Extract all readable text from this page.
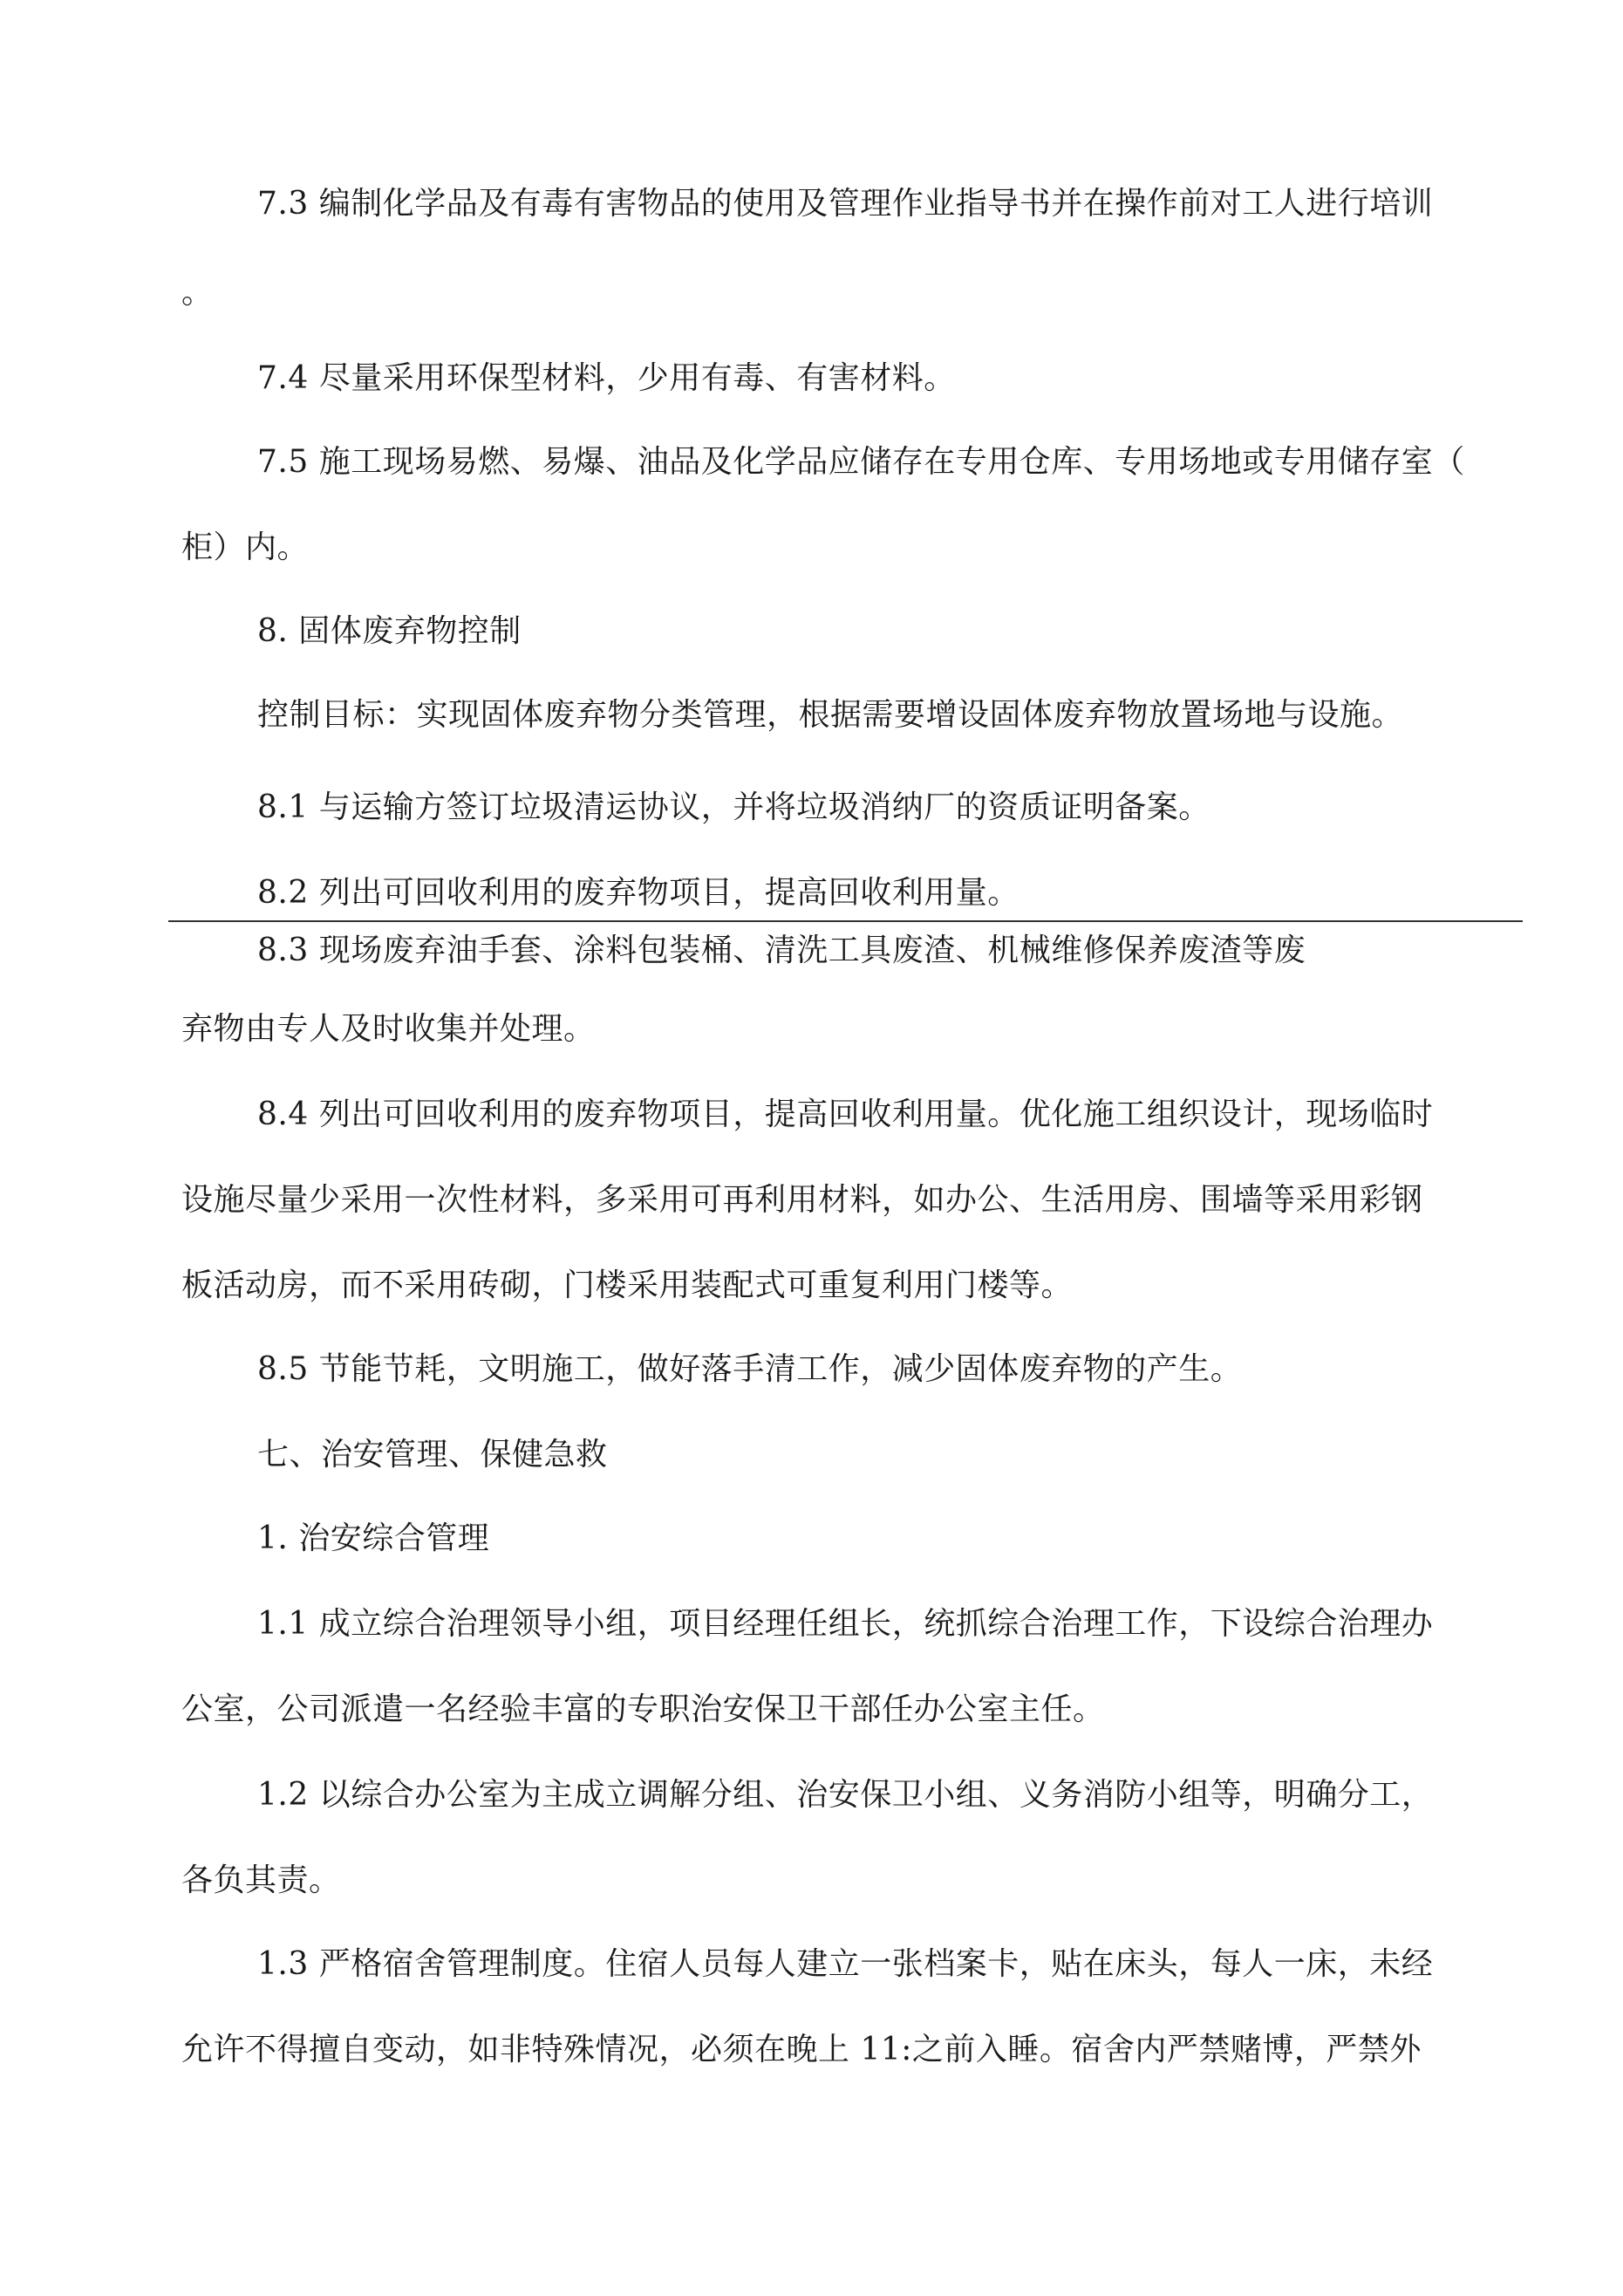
7.3 编制化学品及有毒有害物品的使用及管理作业指导书并在操作前对工人进行培训
。
7.4 尽量采用环保型材料，少用有毒、有害材料。
7.5 施工现场易燃、易爆、油品及化学品应储存在专用仓库、专用场地或专用储存室（
柜）内。
8. 固体废弃物控制
控制目标：实现固体废弃物分类管理，根据需要增设固体废弃物放置场地与设施。
8.1 与运输方签订垃圾清运协议，并将垃圾消纳厂的资质证明备案。
8.2 列出可回收利用的废弃物项目，提高回收利用量。
8.3 现场废弃油手套、涂料包装桶、清洗工具废渣、机械维修保养废渣等废
弃物由专人及时收集并处理。
8.4 列出可回收利用的废弃物项目，提高回收利用量。优化施工组织设计，现场临时
设施尽量少采用一次性材料，多采用可再利用材料，如办公、生活用房、围墙等采用彩钢
板活动房，而不采用砖砌，门楼采用装配式可重复利用门楼等。
8.5 节能节耗，文明施工，做好落手清工作，减少固体废弃物的产生。
七、治安管理、保健急救
1. 治安综合管理
1.1 成立综合治理领导小组，项目经理任组长，统抓综合治理工作，下设综合治理办
公室，公司派遣一名经验丰富的专职治安保卫干部任办公室主任。
1.2 以综合办公室为主成立调解分组、治安保卫小组、义务消防小组等，明确分工，
各负其责。
1.3 严格宿舍管理制度。住宿人员每人建立一张档案卡，贴在床头，每人一床，未经
允许不得擅自变动，如非特殊情况，必须在晚上 11:之前入睡。宿舍内严禁赌博，严禁外
